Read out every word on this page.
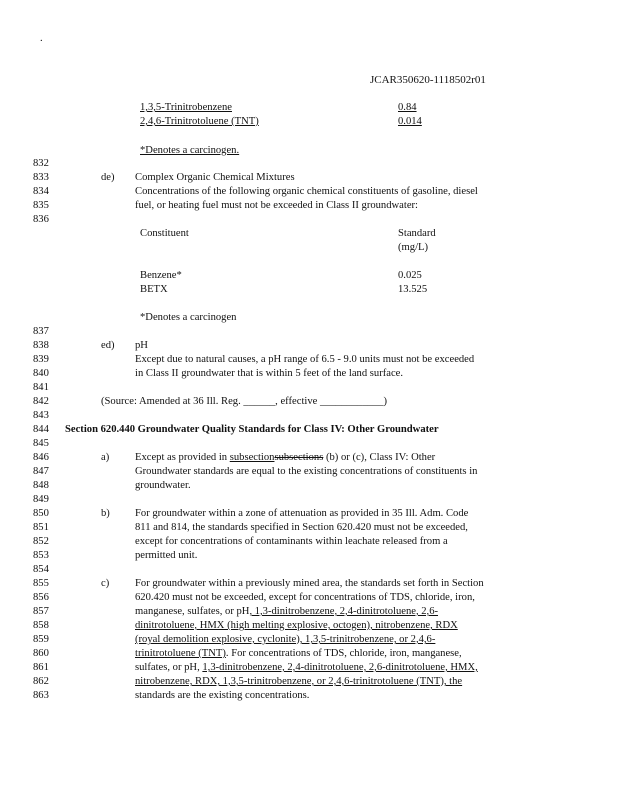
.
JCAR350620-1118502r01
1,3,5-Trinitrobenzene	0.84
2,4,6-Trinitrotoluene (TNT)	0.014
*Denotes a carcinogen.
832
833
834
835
836
837
838
839
840
841
842
843
844
845
846
847
848
849
850
851
852
853
854
855
856
857
858
859
860
861
862
863
de) Complex Organic Chemical Mixtures
Concentrations of the following organic chemical constituents of gasoline, diesel
fuel, or heating fuel must not be exceeded in Class II groundwater:
Constituent	Standard
(mg/L)
Benzene*	0.025
BETX	13.525
*Denotes a carcinogen
ed) pH
Except due to natural causes, a pH range of 6.5 - 9.0 units must not be exceeded
in Class II groundwater that is within 5 feet of the land surface.
(Source: Amended at 36 Ill. Reg. ______, effective ____________)
Section 620.440 Groundwater Quality Standards for Class IV: Other Groundwater
a) Except as provided in subsectionsubsections (b) or (c), Class IV: Other
Groundwater standards are equal to the existing concentrations of constituents in
groundwater.
b) For groundwater within a zone of attenuation as provided in 35 Ill. Adm. Code
811 and 814, the standards specified in Section 620.420 must not be exceeded,
except for concentrations of contaminants within leachate released from a
permitted unit.
c) For groundwater within a previously mined area, the standards set forth in Section
620.420 must not be exceeded, except for concentrations of TDS, chloride, iron,
manganese, sulfates, or pH, 1,3-dinitrobenzene, 2,4-dinitrotoluene, 2,6-
dinitrotoluene, HMX (high melting explosive, octogen), nitrobenzene, RDX
(royal demolition explosive, cyclonite), 1,3,5-trinitrobenzene, or 2,4,6-
trinitrotoluene (TNT). For concentrations of TDS, chloride, iron, manganese,
sulfates, or pH, 1,3-dinitrobenzene, 2,4-dinitrotoluene, 2,6-dinitrotoluene, HMX,
nitrobenzene, RDX, 1,3,5-trinitrobenzene, or 2,4,6-trinitrotoluene (TNT), the
standards are the existing concentrations.
